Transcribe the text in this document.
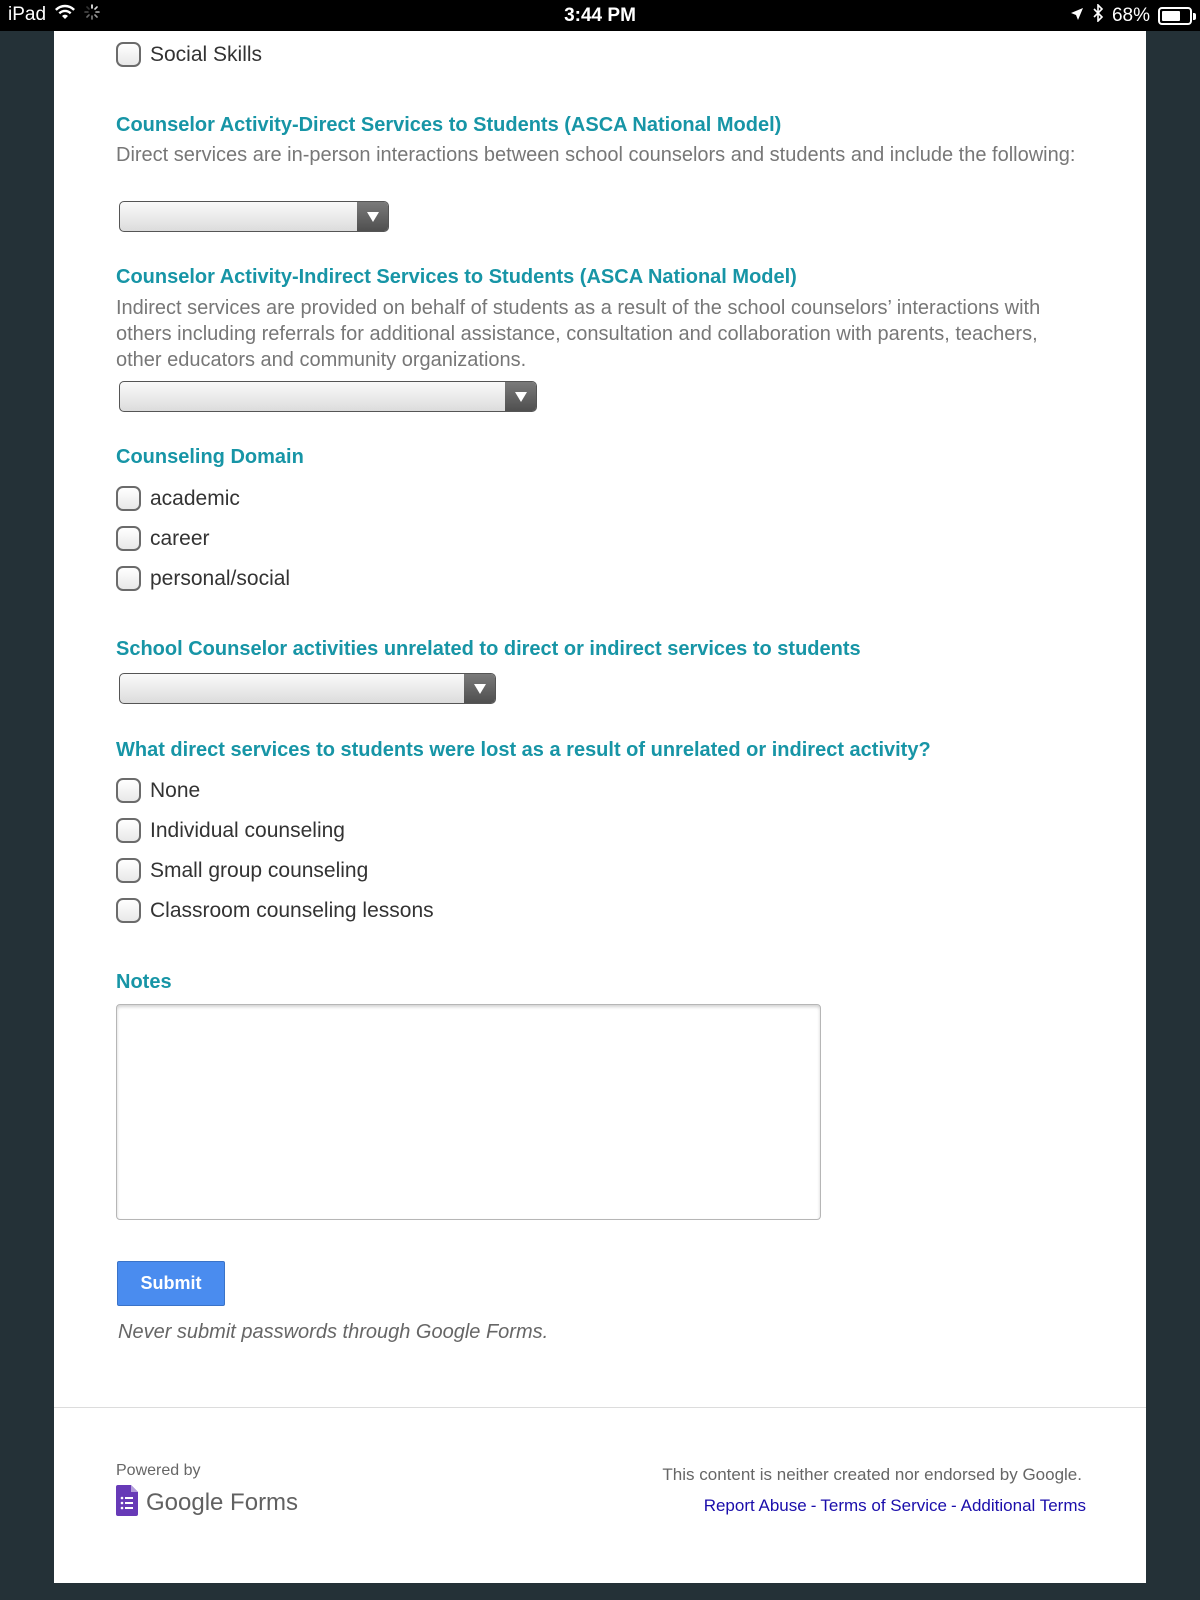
iPad	3:44 PM	68%
Social Skills
Counselor Activity-Direct Services to Students (ASCA National Model)
Direct services are in-person interactions between school counselors and students and include the following:
Counselor Activity-Indirect Services to Students (ASCA National Model)
Indirect services are provided on behalf of students as a result of the school counselors’ interactions with others including referrals for additional assistance, consultation and collaboration with parents, teachers, other educators and community organizations.
Counseling Domain
academic
career
personal/social
School Counselor activities unrelated to direct or indirect services to students
What direct services to students were lost as a result of unrelated or indirect activity?
None
Individual counseling
Small group counseling
Classroom counseling lessons
Notes
Submit
Never submit passwords through Google Forms.
Powered by
Google Forms
This content is neither created nor endorsed by Google.
Report Abuse - Terms of Service - Additional Terms
